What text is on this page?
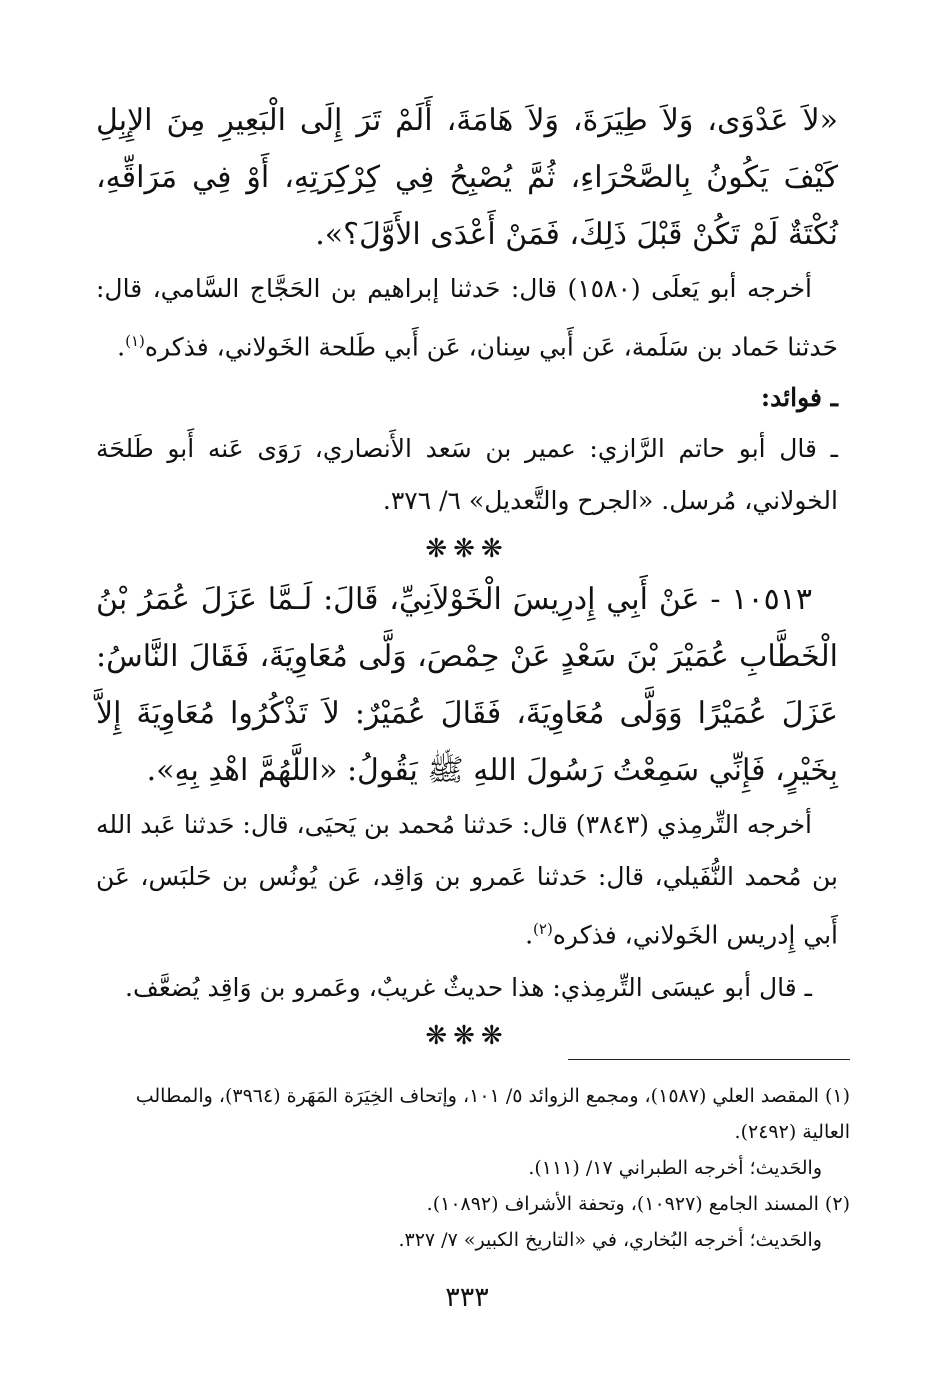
«لاَ عَدْوَى، وَلاَ طِيَرَةَ، وَلاَ هَامَةَ، أَلَمْ تَرَ إِلَى الْبَعِيرِ مِنَ الإِبِلِ كَيْفَ يَكُونُ بِالصَّحْرَاءِ، ثُمَّ يُصْبِحُ فِي كِرْكِرَتِهِ، أَوْ فِي مَرَاقِّهِ، نُكْتَةٌ لَمْ تَكُنْ قَبْلَ ذَلِكَ، فَمَنْ أَعْدَى الأَوَّلَ؟».

أخرجه أبو يَعلَى (١٥٨٠) قال: حَدثنا إبراهيم بن الحَجَّاج السَّامي، قال: حَدثنا حَماد بن سَلَمة، عَن أَبي سِنان، عَن أَبي طَلحة الخَولاني، فذكره$^{(١)}$.

ـ فوائد:

ـ قال أبو حاتم الرَّازي: عمير بن سَعد الأَنصاري، رَوَى عَنه أَبو طَلحَة الخولاني، مُرسل. «الجرح والتَّعديل» ٦/ ٣٧٦.

❋❋❋

١٠٥١٣ - عَنْ أَبِي إِدرِيسَ الْخَوْلاَنِيِّ، قَالَ: لَـمَّا عَزَلَ عُمَرُ بْنُ الْخَطَّابِ عُمَيْرَ بْنَ سَعْدٍ عَنْ حِمْصَ، وَلَّى مُعَاوِيَةَ، فَقَالَ النَّاسُ: عَزَلَ عُمَيْرًا وَوَلَّى مُعَاوِيَةَ، فَقَالَ عُمَيْرٌ: لاَ تَذْكُرُوا مُعَاوِيَةَ إِلاَّ بِخَيْرٍ، فَإِنِّي سَمِعْتُ رَسُولَ اللهِ ﷺ يَقُولُ: «اللَّهُمَّ اهْدِ بِهِ».

أخرجه التِّرمِذي (٣٨٤٣) قال: حَدثنا مُحمد بن يَحيَى، قال: حَدثنا عَبد الله بن مُحمد النُّفَيلي، قال: حَدثنا عَمرو بن وَاقِد، عَن يُونُس بن حَلبَس، عَن أَبي إِدريس الخَولاني، فذكره$^{(٢)}$.

ـ قال أبو عيسَى التِّرمِذي: هذا حديثٌ غريبٌ، وعَمرو بن وَاقِد يُضعَّف.

❋❋❋

(١) المقصد العلي (١٥٨٧)، ومجمع الزوائد ٥/ ١٠١، وإتحاف الخِيَرَة المَهَرة (٣٩٦٤)، والمطالب العالية (٢٤٩٢).

والحَديث؛ أخرجه الطبراني ١٧/ (١١١).

(٢) المسند الجامع (١٠٩٢٧)، وتحفة الأشراف (١٠٨٩٢).

والحَديث؛ أخرجه البُخاري، في «التاريخ الكبير» ٧/ ٣٢٧.

٣٣٣
